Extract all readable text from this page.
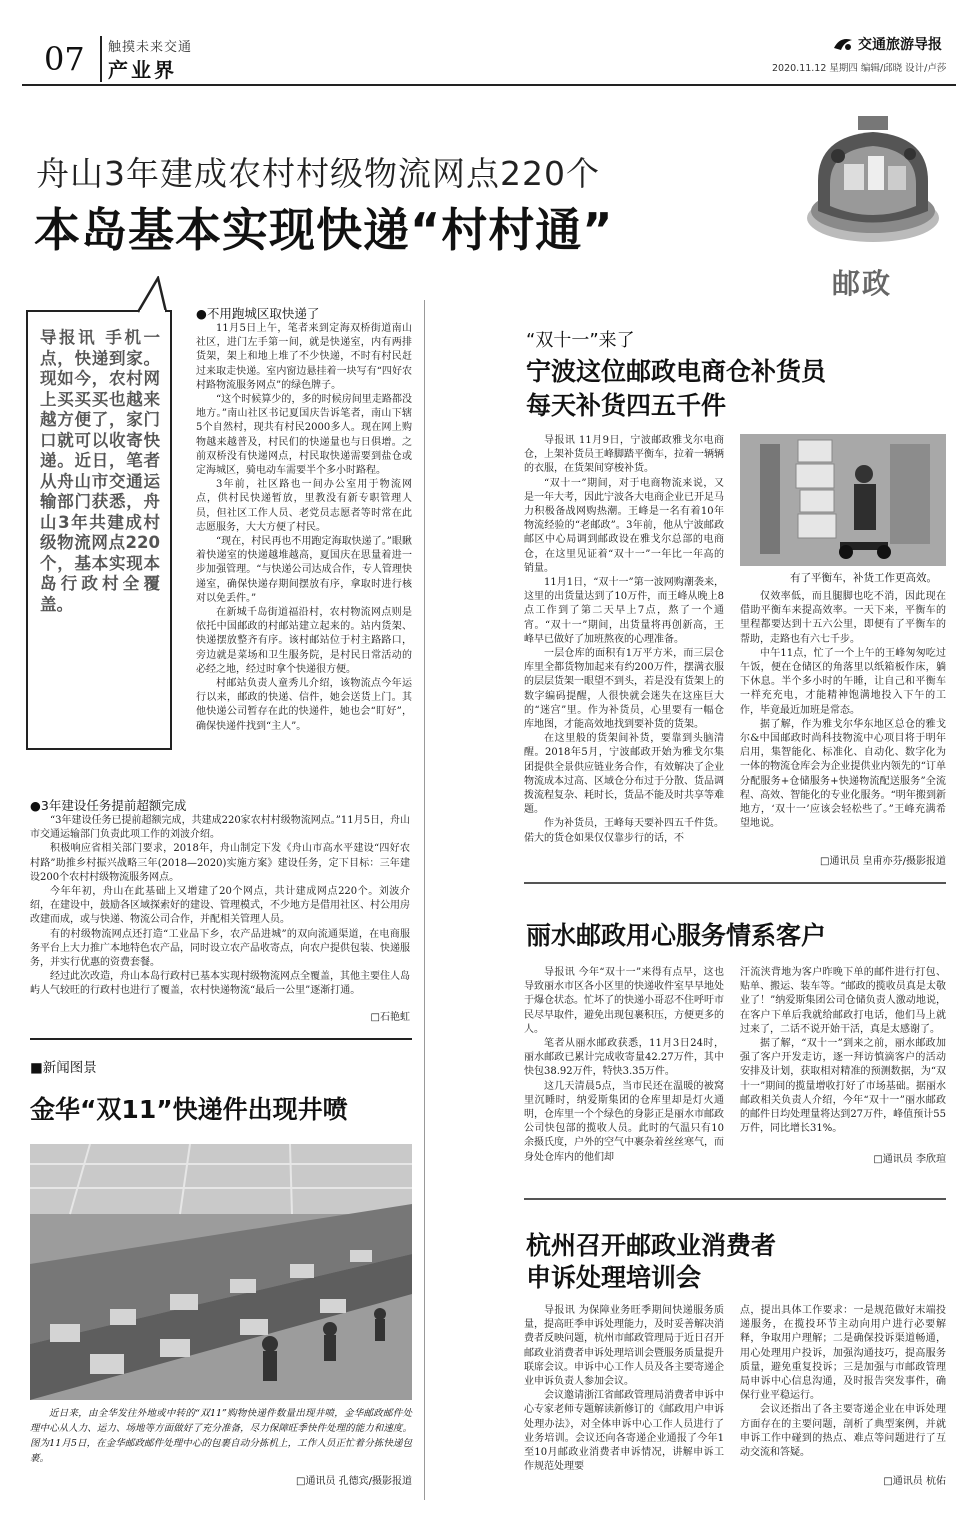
07 触摸未来交通
产业界
交通旅游导报
2020.11.12 星期四 编辑/邱晓 设计/卢莎
舟山3年建成农村村级物流网点220个
本岛基本实现快递“村村通”
邮政
导报讯 手机一点，快递到家。现如今，农村网上买买买也越来越方便了，家门口就可以收寄快递。近日，笔者从舟山市交通运输部门获悉，舟山3年共建成村级物流网点220个，基本实现本岛行政村全覆盖。
●不用跑城区取快递了

11月5日上午，笔者来到定海双桥街道南山社区，进门左手第一间，就是快递室，内有两排货架，架上和地上堆了不少快递，不时有村民赶过来取走快递。室内窗边悬挂着一块写有“四好农村路物流服务网点”的绿色牌子。

“这个时候算少的，多的时候房间里走路都没地方。”南山社区书记夏国庆告诉笔者，南山下辖5个自然村，现共有村民2000多人。现在网上购物越来越普及，村民们的快递量也与日俱增。之前双桥没有快递网点，村民取快递需要到盐仓或定海城区，骑电动车需要半个多小时路程。

3年前，社区路也一间办公室用于物流网点，供村民快递暂放，里教没有新专职管理人员，但社区工作人员、老党员志愿者等时常在此志愿服务，大大方便了村民。

“现在，村民再也不用跑定海取快递了。”眼瞅着快递室的快递越堆越高，夏国庆在思量着进一步加强管理。“与快递公司达成合作，专人管理快递室，确保快递存期间摆放有序，拿取时进行核对以免丢件。”

在新城千岛街道福沿村，农村物流网点则是依托中国邮政的村邮站建立起来的。站内货架、快递摆放整齐有序。该村邮站位于村主路路口，旁边就是菜场和卫生服务院，是村民日常活动的必经之地，经过时拿个快递很方便。

村邮站负责人童秀儿介绍，该物流点今年运行以来，邮政的快递、信件，她会送货上门。其他快递公司暂存在此的快递件，她也会“盯好”，确保快递件找到“主人”。

●3年建设任务提前超额完成

“3年建设任务已提前超额完成，共建成220家农村村级物流网点。”11月5日，舟山市交通运输部门负责此项工作的刘波介绍。

积极响应省相关部门要求，2018年，舟山制定下发《舟山市高水平建设“四好农村路”助推乡村振兴战略三年(2018—2020)实施方案》建设任务，定下目标：三年建设200个农村村级物流服务网点。

今年年初，舟山在此基础上又增建了20个网点，共计建成网点220个。刘波介绍，在建设中，鼓励各区域探索好的建设、管理模式，不少地方是借用社区、村公用房改建而成，或与快递、物流公司合作，并配相关管理人员。

有的村级物流网点还打造“工业品下乡，农产品进城”的双向流通渠道，在电商服务平台上大力推广本地特色农产品，同时设立农产品收寄点，向农户提供包装、快递服务，并实行优惠的资费套餐。

经过此次改造，舟山本岛行政村已基本实现村级物流网点全覆盖，其他主要住人岛屿人气较旺的行政村也进行了覆盖，农村快递物流“最后一公里”逐渐打通。

□石艳虹
■新闻图景
金华“双11”快递件出现井喷
近日来，由全华发往外地或中转的“双11”购物快递件数量出现井喷，金华邮政邮件处理中心从人力、运力、场地等方面做好了充分准备，尽力保障旺季快件处理的能力和速度。图为11月5日，在金华邮政邮件处理中心的包裹自动分拣机上，工作人员正忙着分拣快递包裹。
□通讯员 孔德宾/摄影报道
“双十一”来了
宁波这位邮政电商仓补货员
每天补货四五千件

导报讯 11月9日，宁波邮政雅戈尔电商仓，上架补货员王峰脚踏平衡车，拉着一辆辆的衣服，在货架间穿梭补货。

“双十一”期间，对于电商物流来说，又是一年大考，因此宁波各大电商企业已开足马力积极备战网购热潮。王峰是一名有着10年物流经验的“老邮政”。3年前，他从宁波邮政邮区中心局调到邮政设在雅戈尔总部的电商仓，在这里见证着“双十一”一年比一年高的销量。

11月1日，“双十一”第一波网购潮袭来，这里的出货量达到了10万件，而王峰从晚上8点工作到了第二天早上7点，熬了一个通宵。“双十一”期间，出货量将再创新高，王峰早已做好了加班熬夜的心理准备。

一层仓库的面积有1万平方米，而三层仓库里全都货物加起来有约200万件，摆满衣服的层层货架一眼望不到头，若是没有货架上的数字编码提醒，人很快就会迷失在这座巨大的“迷宫”里。作为补货员，心里要有一幅仓库地图，才能高效地找到要补货的货架。

在这里般的货架间补货，要靠到头脑清醒。2018年5月，宁波邮政开始为雅戈尔集团提供全景供应链业务合作，有效解决了企业物流成本过高、区域仓分布过于分散、货品调拨流程复杂、耗时长，货品不能及时共享等难题。

作为补货员，王峰每天要补四五千件货。偌大的货仓如果仅仅靠步行的话，不

有了平衡车，补货工作更高效。

仅效率低，而且腿脚也吃不消，因此现在借助平衡车来提高效率。一天下来，平衡车的里程都要达到十五六公里，即便有了平衡车的帮助，走路也有六七千步。

中午11点，忙了一个上午的王峰匆匆吃过午饭，便在仓储区的角落里以纸箱板作床，躺下休息。半个多小时的午睡，让自己和平衡车一样充充电，才能精神饱满地投入下午的工作，毕竟最近加班是常态。

据了解，作为雅戈尔华东地区总仓的雅戈尔&中国邮政时尚科技物流中心项目将于明年启用，集智能化、标准化、自动化、数字化为一体的物流仓库会为企业提供业内领先的“订单分配服务+仓储服务+快递物流配送服务”全流程、高效、智能化的专业化服务。“明年搬到新地方，‘双十一’应该会轻松些了。”王峰充满希望地说。

□通讯员 皇甫亦芬/摄影报道
丽水邮政用心服务情系客户

导报讯 今年“双十一”来得有点早，这也导致丽水市区各小区里的快递收件室早早地处于爆仓状态。忙坏了的快递小哥忍不住呼吁市民尽早取件，避免出现包裹积压，方便更多的人。

笔者从丽水邮政获悉，11月3日24时，丽水邮政已累计完成收寄量42.27万件，其中快包38.92万件，特快3.35万件。

这几天清晨5点，当市民还在温暖的被窝里沉睡时，纳爱斯集团的仓库里却是灯火通明，仓库里一个个绿色的身影正是丽水市邮政公司快包部的揽收人员。此时的气温只有10余摄氏度，户外的空气中裹杂着丝丝寒气，而身处仓库内的他们却

汗流浃背地为客户昨晚下单的邮件进行打包、贴单、搬运、装车等。“邮政的揽收员真是太敬业了！”纳爱斯集团公司仓储负责人激动地说，在客户下单后我就给邮政打电话，他们马上就过来了，二话不说开始干活，真是太感谢了。

据了解，“双十一”到来之前，丽水邮政加强了客户开发走访，逐一拜访慎滴客户的活动安排及计划，获取相对精准的预测数据，为“双十一”期间的揽量增收打好了市场基础。据丽水邮政相关负责人介绍，今年“双十一”丽水邮政的邮件日均处理量将达到27万件，峰值预计55万件，同比增长31%。

□通讯员 李欣瑄
杭州召开邮政业消费者
申诉处理培训会

导报讯 为保障业务旺季期间快递服务质量，提高旺季申诉处理能力，及时妥善解决消费者反映问题，杭州市邮政管理局于近日召开邮政业消费者申诉处理培训会暨服务质量提升联席会议。申诉中心工作人员及各主要寄递企业申诉负责人参加会议。

会议邀请浙江省邮政管理局消费者申诉中心专家老师专题解读新修订的《邮政用户申诉处理办法》，对全体申诉中心工作人员进行了业务培训。会议还向各寄递企业通报了今年1至10月邮政业消费者申诉情况，讲解申诉工作规范处理要

点，提出具体工作要求：一是规范做好末端投递服务，在揽投环节主动向用户进行必要解释，争取用户理解；二是确保投诉渠道畅通，用心处理用户投诉，加强沟通技巧，提高服务质量，避免重复投诉；三是加强与市邮政管理局申诉中心信息沟通，及时报告突发事件，确保行业平稳运行。

会议还指出了各主要寄递企业在申诉处理方面存在的主要问题，剖析了典型案例，并就申诉工作中碰到的热点、难点等问题进行了互动交流和答疑。

□通讯员 杭佑
